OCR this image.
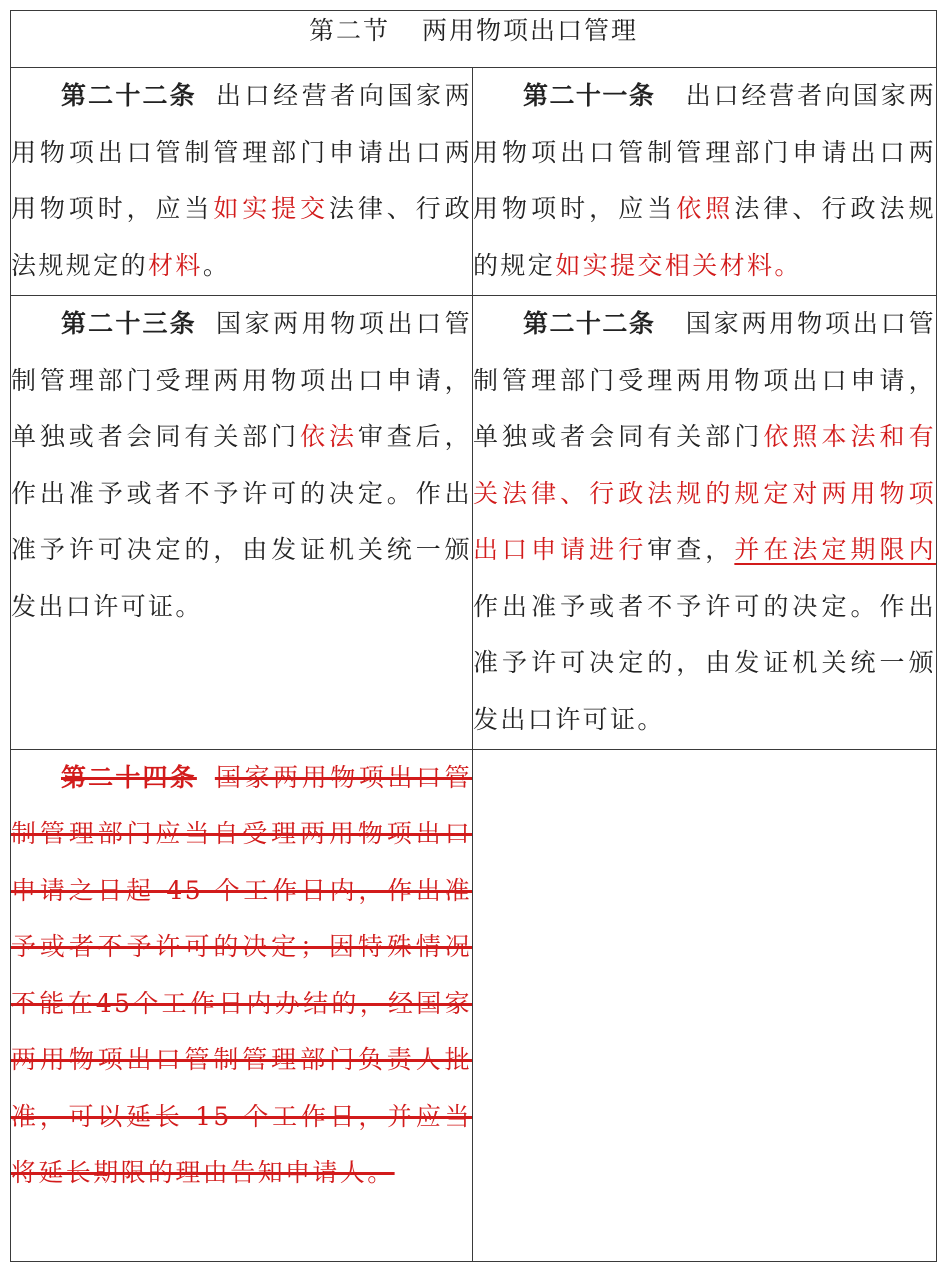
第二节 两用物项出口管理	

第二十二条 出口经营者向国家两用物项出口管制管理部门申请出口两用物项时，应当如实提交法律、行政法规规定的材料。	第二十一条 出口经营者向国家两用物项出口管制管理部门申请出口两用物项时，应当依照法律、行政法规的规定如实提交相关材料。

第二十三条 国家两用物项出口管制管理部门受理两用物项出口申请，单独或者会同有关部门依法审查后，作出准予或者不予许可的决定。作出准予许可决定的，由发证机关统一颁发出口许可证。	第二十二条 国家两用物项出口管制管理部门受理两用物项出口申请，单独或者会同有关部门依照本法和有关法律、行政法规的规定对两用物项出口申请进行审查，并在法定期限内作出准予或者不予许可的决定。作出准予许可决定的，由发证机关统一颁发出口许可证。

第二十四条 国家两用物项出口管制管理部门应当自受理两用物项出口申请之日起 45 个工作日内，作出准予或者不予许可的决定；因特殊情况不能在45个工作日内办结的，经国家两用物项出口管制管理部门负责人批准，可以延长 15 个工作日，并应当将延长期限的理由告知申请人。	
